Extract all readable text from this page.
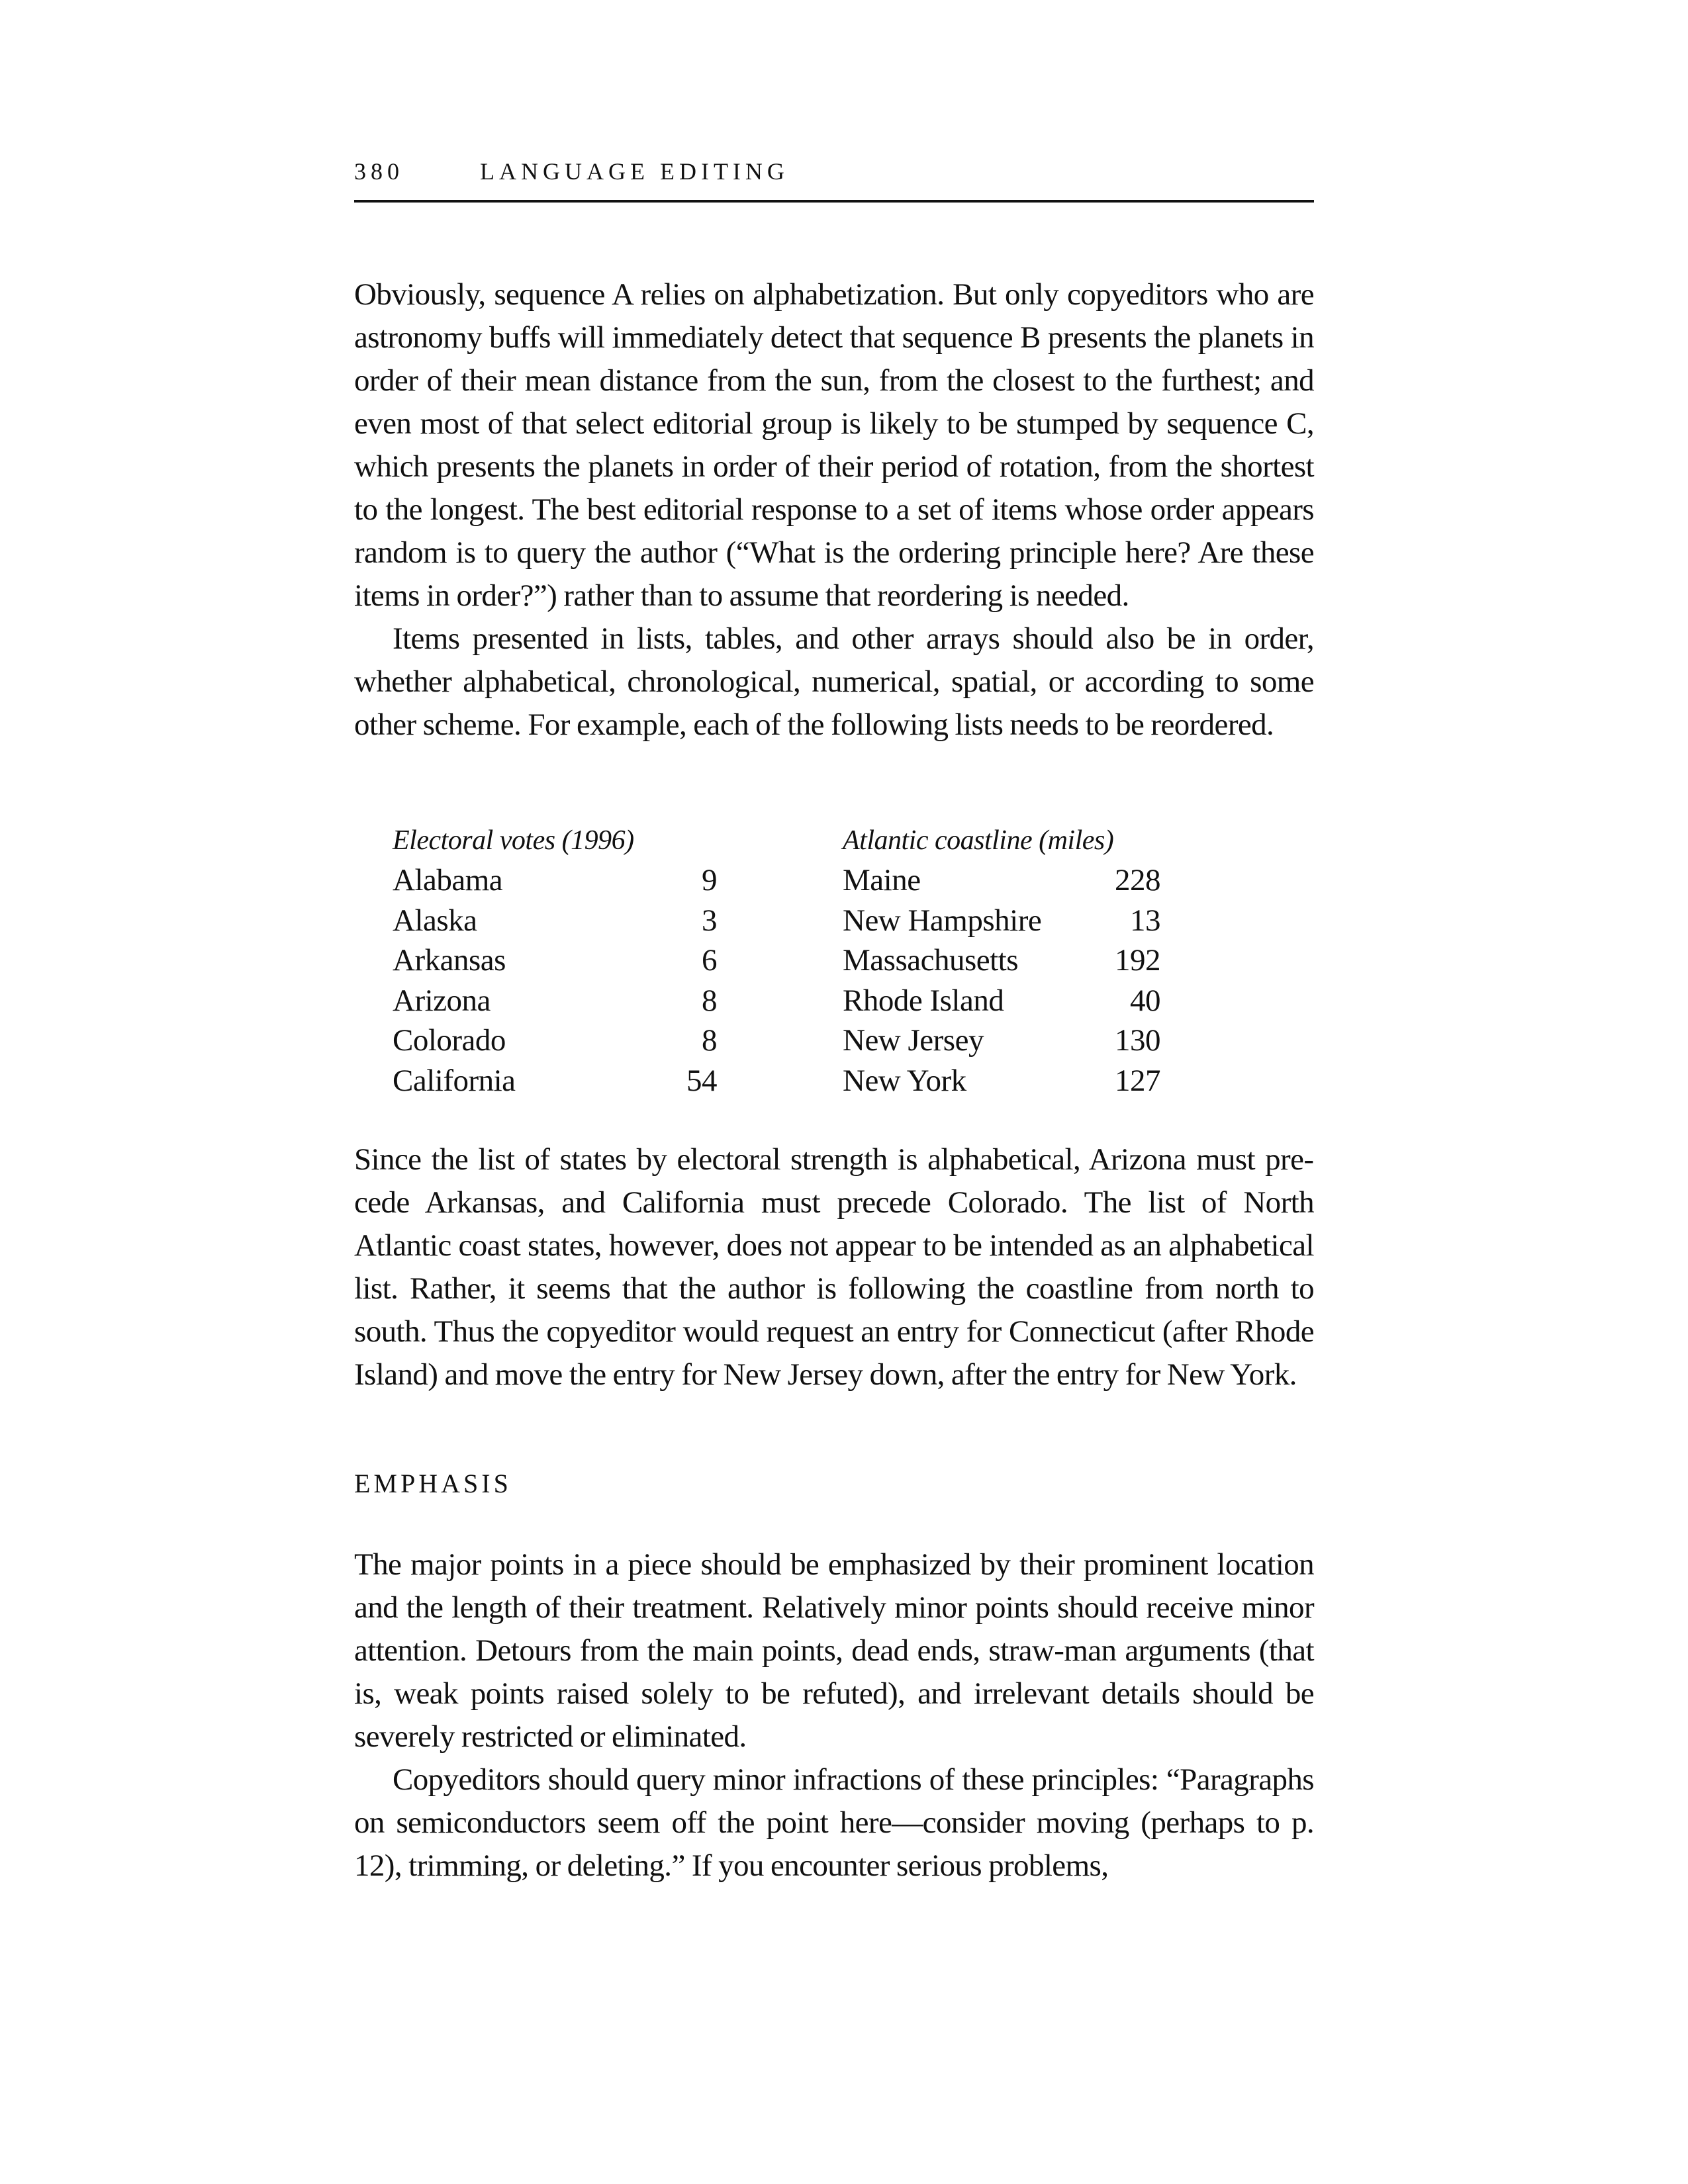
380	LANGUAGE EDITING

Obviously, sequence A relies on alphabetization. But only copyeditors who are astronomy buffs will immediately detect that sequence B presents the planets in order of their mean distance from the sun, from the closest to the furthest; and even most of that select editorial group is likely to be stumped by sequence C, which presents the planets in order of their period of rotation, from the shortest to the longest. The best editorial response to a set of items whose order appears random is to query the author (“What is the ordering principle here? Are these items in order?”) rather than to assume that reordering is needed.

Items presented in lists, tables, and other arrays should also be in order, whether alphabetical, chronological, numerical, spatial, or according to some other scheme. For example, each of the following lists needs to be reordered.

Electoral votes (1996)
Alabama	9
Alaska	3
Arkansas	6
Arizona	8
Colorado	8
California	54
Atlantic coastline (miles)
Maine	228
New Hampshire	13
Massachusetts	192
Rhode Island	40
New Jersey	130
New York	127

Since the list of states by electoral strength is alphabetical, Arizona must precede Arkansas, and California must precede Colorado. The list of North Atlantic coast states, however, does not appear to be intended as an alphabetical list. Rather, it seems that the author is following the coastline from north to south. Thus the copyeditor would request an entry for Connecticut (after Rhode Island) and move the entry for New Jersey down, after the entry for New York.

EMPHASIS

The major points in a piece should be emphasized by their prominent location and the length of their treatment. Relatively minor points should receive minor attention. Detours from the main points, dead ends, straw-man arguments (that is, weak points raised solely to be refuted), and irrelevant details should be severely restricted or eliminated.

Copyeditors should query minor infractions of these principles: “Paragraphs on semiconductors seem off the point here—consider moving (perhaps to p. 12), trimming, or deleting.” If you encounter serious problems,
